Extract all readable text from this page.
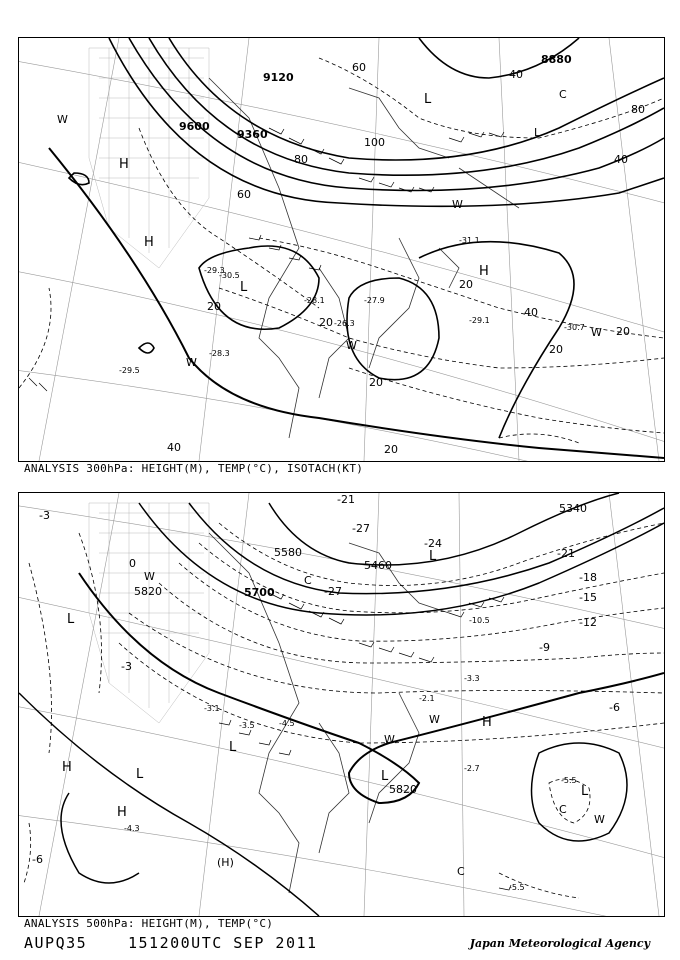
8880
9120
9600
9360
80
60
100
40
20
40
20
20
20
20
40
40
20
20
80
60
H
H
L
H
L
W
W
W
W
L
W
C
-29.3
-30.5
-28.3
-29.5
-31.1
-29.1
-30.7
-28.1	-27.9
-26.3
ANALYSIS 300hPa: HEIGHT(M), TEMP(°C), ISOTACH(KT)
5820	5700
5580
5460
5340
5820
-3
-27
-21
-18
-15
-12
-9
-6
-3
-6
-21
-27
-24
0
L
L
L
L
H
H
H
(H)
W
W
W
C
C
L
L
W
C
-5.5
-4.3
-3.1
-2.7
-5.5
-4.5
-3.5
-3.3
-2.1
-10.5
ANALYSIS 500hPa: HEIGHT(M), TEMP(°C)
AUPQ35	151200UTC SEP 2011	Japan Meteorological Agency
